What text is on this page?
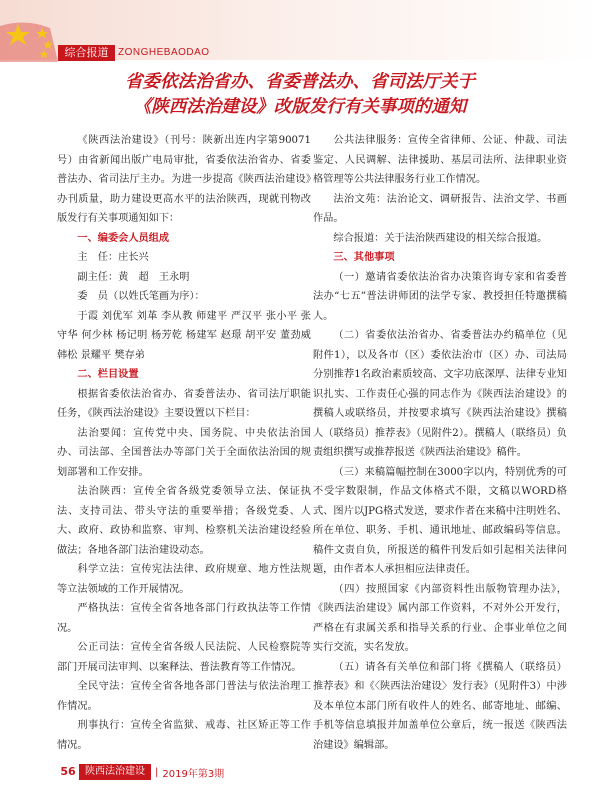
综合报道 ZONGHEBAODAO
省委依法治省办、省委普法办、省司法厅关于
《陕西法治建设》改版发行有关事项的通知

《陕西法治建设》（刊号：陕新出连内字第90071号）由省新闻出版广电局审批，省委依法治省办、省委普法办、省司法厅主办。为进一步提高《陕西法治建设》办刊质量，助力建设更高水平的法治陕西，现就刊物改版发行有关事项通知如下：

一、编委会人员组成

主　任：庄长兴

副主任：黄　超　王永明

委　员（以姓氏笔画为序）：

于霞 刘优军 刘革 李从教 师建平 严汉平 张小平 张守华 何少林 杨记明 杨芳乾 杨建军 赵璟 胡平安 董劲威 韩松 景耀平 樊存弟

二、栏目设置

根据省委依法治省办、省委普法办、省司法厅职能任务，《陕西法治建设》主要设置以下栏目：

法治要闻：宣传党中央、国务院、中央依法治国办、司法部、全国普法办等部门关于全面依法治国的规划部署和工作安排。

法治陕西：宣传全省各级党委领导立法、保证执法、支持司法、带头守法的重要举措；各级党委、人大、政府、政协和监察、审判、检察机关法治建设经验做法；各地各部门法治建设动态。

科学立法：宣传宪法法律、政府规章、地方性法规等立法领域的工作开展情况。

严格执法：宣传全省各地各部门行政执法等工作情况。

公正司法：宣传全省各级人民法院、人民检察院等部门开展司法审判、以案释法、普法教育等工作情况。

全民守法：宣传全省各地各部门普法与依法治理工作情况。

刑事执行：宣传全省监狱、戒毒、社区矫正等工作情况。

公共法律服务：宣传全省律师、公证、仲裁、司法鉴定、人民调解、法律援助、基层司法所、法律职业资格管理等公共法律服务行业工作情况。

法治文苑：法治论文、调研报告、法治文学、书画作品。

综合报道：关于法治陕西建设的相关综合报道。

三、其他事项

（一）邀请省委依法治省办决策咨询专家和省委普法办“七五”普法讲师团的法学专家、教授担任特邀撰稿人。

（二）省委依法治省办、省委普法办约稿单位（见附件1），以及各市（区）委依法治市（区）办、司法局分别推荐1名政治素质较高、文字功底深厚、法律专业知识扎实、工作责任心强的同志作为《陕西法治建设》的撰稿人或联络员，并按要求填写《陕西法治建设》撰稿人（联络员）推荐表》（见附件2）。撰稿人（联络员）负责组织撰写或推荐报送《陕西法治建设》稿件。

（三）来稿篇幅控制在3000字以内，特别优秀的可不受字数限制，作品文体格式不限，文稿以WORD格式、图片以JPG格式发送，要求作者在来稿中注明姓名、所在单位、职务、手机、通讯地址、邮政编码等信息。稿件文责自负，所报送的稿件刊发后如引起相关法律问题，由作者本人承担相应法律责任。

（四）按照国家《内部资料性出版物管理办法》，《陕西法治建设》属内部工作资料，不对外公开发行，严格在有隶属关系和指导关系的行业、企事业单位之间实行交流，实名发放。

（五）请各有关单位和部门将《撰稿人（联络员）推荐表》和《〈陕西法治建设〉发行表》（见附件3）中涉及本单位本部门所有收件人的姓名、邮寄地址、邮编、手机等信息填报并加盖单位公章后，统一报送《陕西法治建设》编辑部。

56 陕西法治建设	| 2019年第3期
